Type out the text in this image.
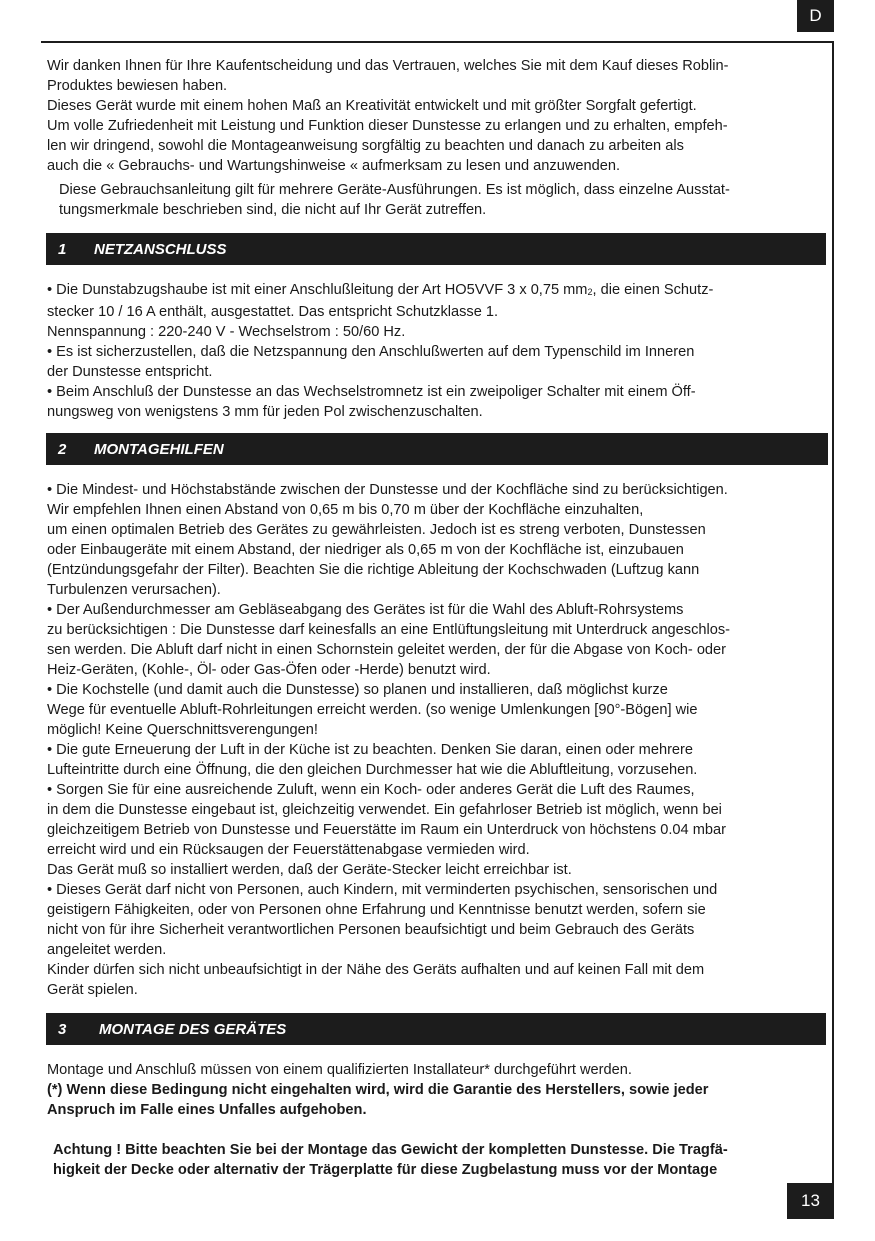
D

Wir danken Ihnen für Ihre Kaufentscheidung und das Vertrauen, welches Sie mit dem Kauf dieses Roblin-

Produktes bewiesen haben.

Dieses Gerät wurde mit einem hohen Maß an Kreativität entwickelt und mit größter Sorgfalt gefertigt.

Um volle Zufriedenheit mit Leistung und Funktion dieser Dunstesse zu erlangen und zu erhalten, empfeh-

len wir dringend, sowohl die Montageanweisung sorgfältig zu beachten und danach zu arbeiten als

auch die « Gebrauchs- und Wartungshinweise « aufmerksam zu lesen und anzuwenden.

Diese Gebrauchsanleitung gilt für mehrere Geräte-Ausführungen. Es ist möglich, dass einzelne Ausstat-

tungsmerkmale beschrieben sind, die nicht auf Ihr Gerät zutreffen.

1	NETZANSCHLUSS

• Die Dunstabzugshaube ist mit einer Anschlußleitung der Art HO5VVF 3 x 0,75 $mm_2$, die einen Schutz-

stecker 10 / 16 A enthält, ausgestattet. Das entspricht Schutzklasse 1.

Nennspannung : 220-240 V - Wechselstrom : 50/60 Hz.

• Es ist sicherzustellen, daß die Netzspannung den Anschlußwerten auf dem Typenschild im Inneren

der Dunstesse entspricht.

• Beim Anschluß der Dunstesse an das Wechselstromnetz ist ein zweipoliger Schalter mit einem Öff-

nungsweg von wenigstens 3 mm für jeden Pol zwischenzuschalten.

2	MONTAGEHILFEN

• Die Mindest- und Höchstabstände zwischen der Dunstesse und der Kochfläche sind zu berücksichtigen.

Wir empfehlen Ihnen einen Abstand von 0,65 m bis 0,70 m über der Kochfläche einzuhalten,

um einen optimalen Betrieb des Gerätes zu gewährleisten. Jedoch ist es streng verboten, Dunstessen

oder Einbaugeräte mit einem Abstand, der niedriger als 0,65 m von der Kochfläche ist, einzubauen

(Entzündungsgefahr der Filter). Beachten Sie die richtige Ableitung der Kochschwaden (Luftzug kann

Turbulenzen verursachen).

• Der Außendurchmesser am Gebläseabgang des Gerätes ist für die Wahl des Abluft-Rohrsystems

zu berücksichtigen : Die Dunstesse darf keinesfalls an eine Entlüftungsleitung mit Unterdruck angeschlos-

sen werden. Die Abluft darf nicht in einen Schornstein geleitet werden, der für die Abgase von Koch- oder

Heiz-Geräten, (Kohle-, Öl- oder Gas-Öfen oder -Herde) benutzt wird.

• Die Kochstelle (und damit auch die Dunstesse) so planen und installieren, daß möglichst kurze

Wege für eventuelle Abluft-Rohrleitungen erreicht werden. (so wenige Umlenkungen [90°-Bögen] wie

möglich! Keine Querschnittsverengungen!

• Die gute Erneuerung der Luft in der Küche ist zu beachten. Denken Sie daran, einen oder mehrere

Lufteintritte durch eine Öffnung, die den gleichen Durchmesser hat wie die Abluftleitung, vorzusehen.

• Sorgen Sie für eine ausreichende Zuluft, wenn ein Koch- oder anderes Gerät die Luft des Raumes,

in dem die Dunstesse eingebaut ist, gleichzeitig verwendet. Ein gefahrloser Betrieb ist möglich, wenn bei

gleichzeitigem Betrieb von Dunstesse und Feuerstätte im Raum ein Unterdruck von höchstens 0.04 mbar

erreicht wird und ein Rücksaugen der Feuerstättenabgase vermieden wird.

Das Gerät muß so installiert werden, daß der Geräte-Stecker leicht erreichbar ist.

• Dieses Gerät darf nicht von Personen, auch Kindern, mit verminderten psychischen, sensorischen und

geistigern Fähigkeiten, oder von Personen ohne Erfahrung und Kenntnisse benutzt werden, sofern sie

nicht von für ihre Sicherheit verantwortlichen Personen beaufsichtigt und beim Gebrauch des Geräts

angeleitet werden.

Kinder dürfen sich nicht unbeaufsichtigt in der Nähe des Geräts aufhalten und auf keinen Fall mit dem

Gerät spielen.

3	MONTAGE DES GERÄTES

Montage und Anschluß müssen von einem qualifizierten Installateur* durchgeführt werden.

(*) Wenn diese Bedingung nicht eingehalten wird, wird die Garantie des Herstellers, sowie jeder

Anspruch im Falle eines Unfalles aufgehoben.

Achtung ! Bitte beachten Sie bei der Montage das Gewicht der kompletten Dunstesse. Die Tragfä-

higkeit der Decke oder alternativ der Trägerplatte für diese Zugbelastung muss vor der Montage

13
